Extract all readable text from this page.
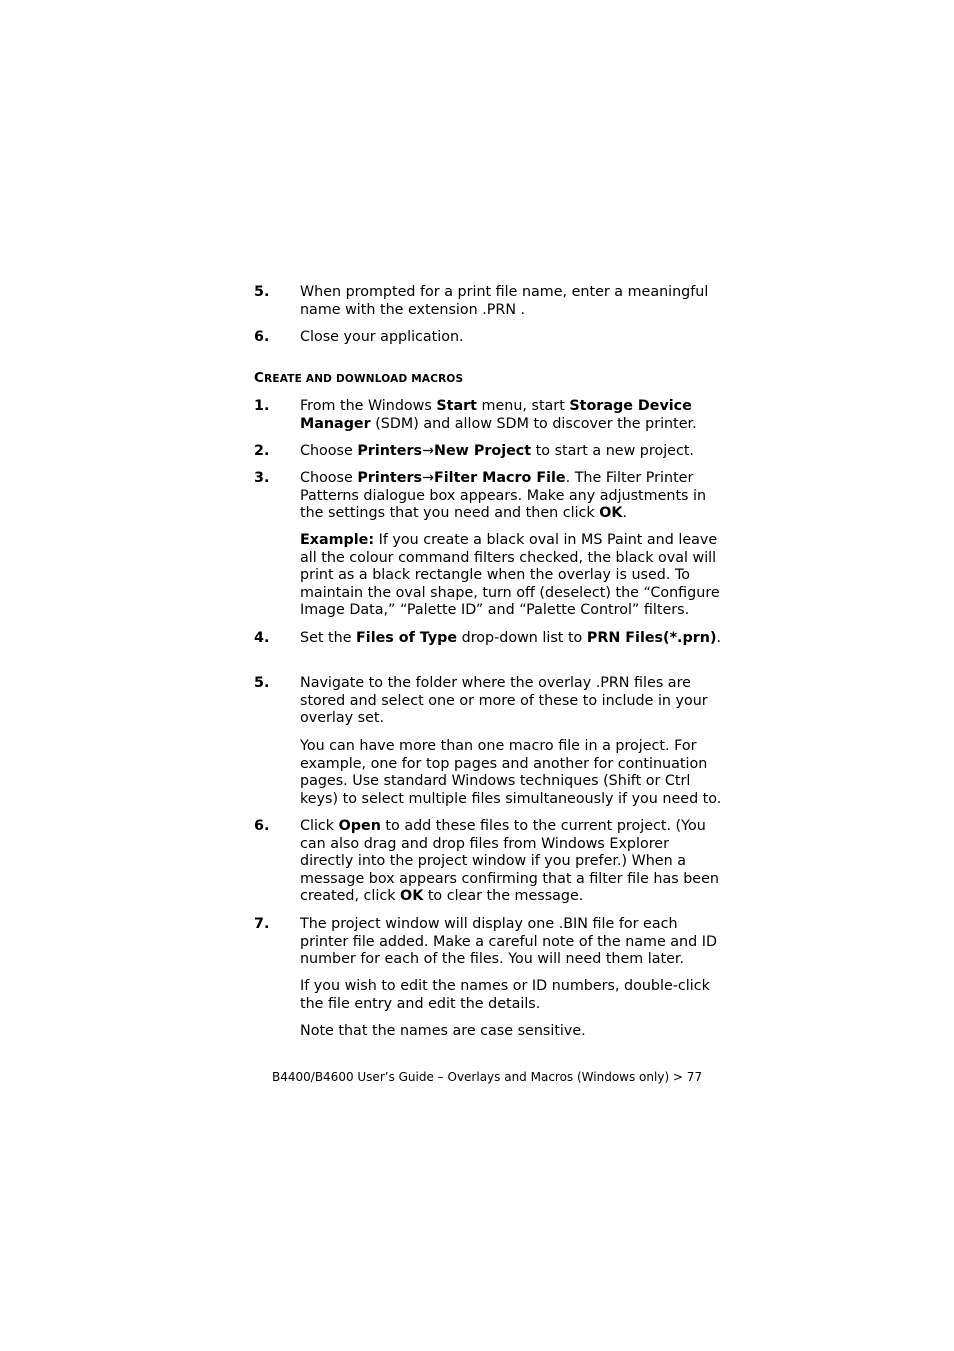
5. When prompted for a print file name, enter a meaningful name with the extension .PRN .
6. Close your application.
CREATE AND DOWNLOAD MACROS
1. From the Windows Start menu, start Storage Device Manager (SDM) and allow SDM to discover the printer.
2. Choose Printers→New Project to start a new project.
3. Choose Printers→Filter Macro File. The Filter Printer Patterns dialogue box appears. Make any adjustments in the settings that you need and then click OK.
Example: If you create a black oval in MS Paint and leave all the colour command filters checked, the black oval will print as a black rectangle when the overlay is used. To maintain the oval shape, turn off (deselect) the “Configure Image Data,” “Palette ID” and “Palette Control” filters.
4. Set the Files of Type drop-down list to PRN Files(*.prn).
5. Navigate to the folder where the overlay .PRN files are stored and select one or more of these to include in your overlay set.
You can have more than one macro file in a project. For example, one for top pages and another for continuation pages. Use standard Windows techniques (Shift or Ctrl keys) to select multiple files simultaneously if you need to.
6. Click Open to add these files to the current project. (You can also drag and drop files from Windows Explorer directly into the project window if you prefer.) When a message box appears confirming that a filter file has been created, click OK to clear the message.
7. The project window will display one .BIN file for each printer file added. Make a careful note of the name and ID number for each of the files. You will need them later.
If you wish to edit the names or ID numbers, double-click the file entry and edit the details.
Note that the names are case sensitive.
B4400/B4600 User’s Guide – Overlays and Macros (Windows only) > 77
